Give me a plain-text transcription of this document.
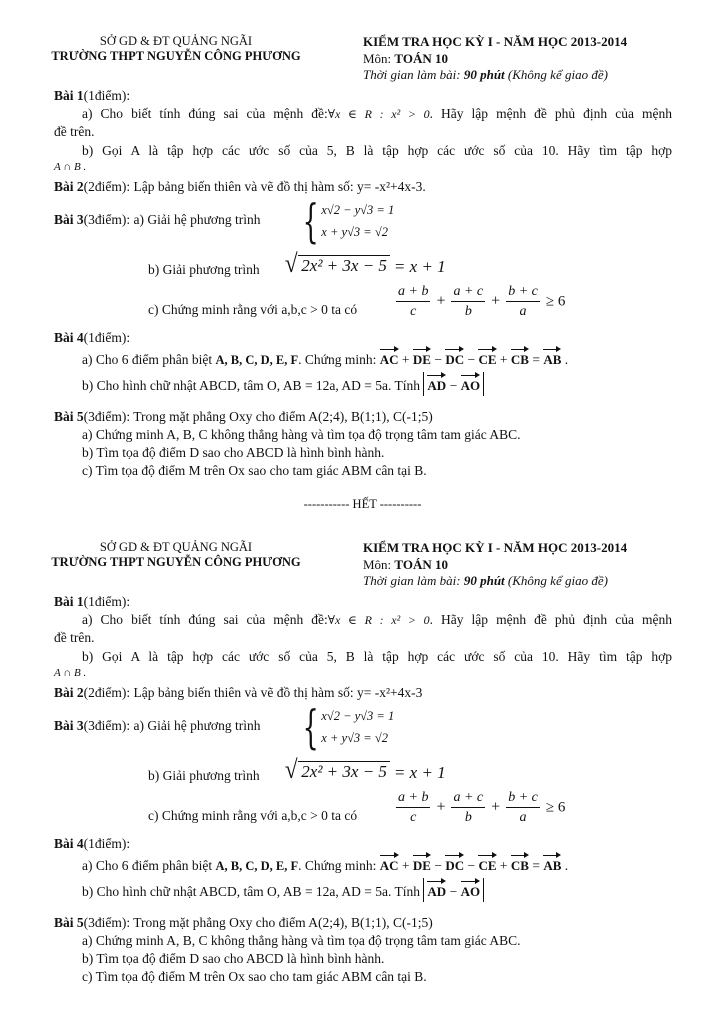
SỞ GD & ĐT QUẢNG NGÃI
TRƯỜNG THPT NGUYỄN CÔNG PHƯƠNG
KIỂM TRA HỌC KỲ I - NĂM HỌC 2013-2014
Môn: TOÁN 10
Thời gian làm bài: 90 phút (Không kể giao đề)
Bài 1(1điểm):
a) Cho biết tính đúng sai của mệnh đề:∀x ∈ R : x² > 0. Hãy lập mệnh đề phủ định của mệnh
đề trên.
b) Gọi A là tập hợp các ước số của 5, B là tập hợp các ước số của 10. Hãy tìm tập hợp
A ∩ B .
Bài 2(2điểm): Lập bảng biến thiên và vẽ đồ thị hàm số: y= -x²+4x-3.
Bài 3(3điểm): a) Giải hệ phương trình { x√2 − y√3 = 1
x + y√3 = √2
b) Giải phương trình √ 2x² + 3x − 5 = x + 1
c) Chứng minh rằng với a,b,c > 0 ta có	$\frac{a + b}{c} + \frac{a + c}{b} + \frac{b + c}{a} \ge 6$
Bài 4(1điểm):
a) Cho 6 điểm phân biệt A, B, C, D, E, F. Chứng minh: AC + DE − DC − CE + CB = AB .
b) Cho hình chữ nhật ABCD, tâm O, AB = 12a, AD = 5a. Tính AD − AO
Bài 5(3điểm): Trong mặt phẳng Oxy cho điểm A(2;4), B(1;1), C(-1;5)
a) Chứng minh A, B, C không thẳng hàng và tìm tọa độ trọng tâm tam giác ABC.
b) Tìm tọa độ điểm D sao cho ABCD là hình bình hành.
c) Tìm tọa độ điểm M trên Ox sao cho tam giác ABM cân tại B.
----------- HẾT ----------
SỞ GD & ĐT QUẢNG NGÃI
TRƯỜNG THPT NGUYỄN CÔNG PHƯƠNG
KIỂM TRA HỌC KỲ I - NĂM HỌC 2013-2014
Môn: TOÁN 10
Thời gian làm bài: 90 phút (Không kể giao đề)
Bài 1(1điểm):
a) Cho biết tính đúng sai của mệnh đề:∀x ∈ R : x² > 0. Hãy lập mệnh đề phủ định của mệnh
đề trên.
b) Gọi A là tập hợp các ước số của 5, B là tập hợp các ước số của 10. Hãy tìm tập hợp
A ∩ B .
Bài 2(2điểm): Lập bảng biến thiên và vẽ đồ thị hàm số: y= -x²+4x-3
Bài 3(3điểm): a) Giải hệ phương trình { x√2 − y√3 = 1
x + y√3 = √2
b) Giải phương trình √ 2x² + 3x − 5 = x + 1
c) Chứng minh rằng với a,b,c > 0 ta có	$\frac{a + b}{c} + \frac{a + c}{b} + \frac{b + c}{a} \ge 6$
Bài 4(1điểm):
a) Cho 6 điểm phân biệt A, B, C, D, E, F. Chứng minh: AC + DE − DC − CE + CB = AB .
b) Cho hình chữ nhật ABCD, tâm O, AB = 12a, AD = 5a. Tính AD − AO
Bài 5(3điểm): Trong mặt phẳng Oxy cho điểm A(2;4), B(1;1), C(-1;5)
a) Chứng minh A, B, C không thẳng hàng và tìm tọa độ trọng tâm tam giác ABC.
b) Tìm tọa độ điểm D sao cho ABCD là hình bình hành.
c) Tìm tọa độ điểm M trên Ox sao cho tam giác ABM cân tại B.
